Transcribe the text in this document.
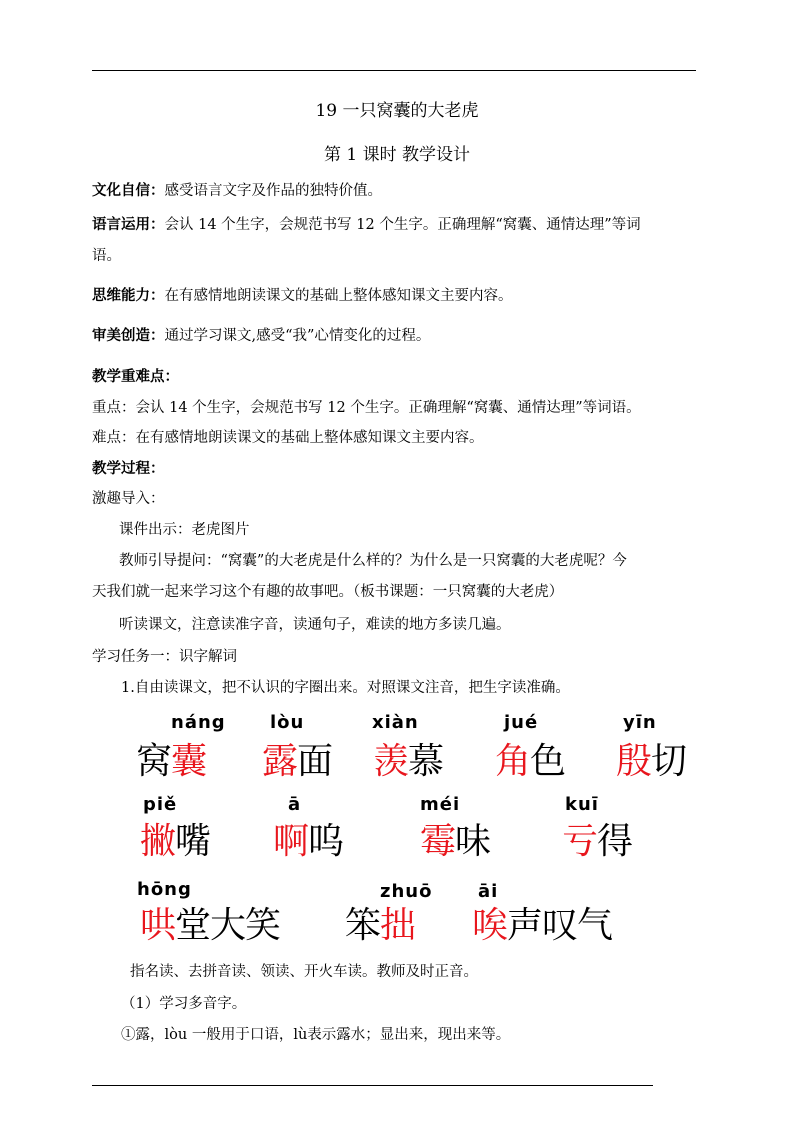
19 一只窝囊的大老虎
第 1 课时 教学设计
文化自信：感受语言文字及作品的独特价值。
语言运用：会认 14 个生字，会规范书写 12 个生字。正确理解“窝囊、通情达理”等词
语。
思维能力：在有感情地朗读课文的基础上整体感知课文主要内容。
审美创造：通过学习课文,感受“我”心情变化的过程。
教学重难点：
重点：会认 14 个生字，会规范书写 12 个生字。正确理解“窝囊、通情达理”等词语。
难点：在有感情地朗读课文的基础上整体感知课文主要内容。
教学过程：
激趣导入：
课件出示：老虎图片
教师引导提问：“窝囊”的大老虎是什么样的？为什么是一只窝囊的大老虎呢？今
天我们就一起来学习这个有趣的故事吧。（板书课题：一只窝囊的大老虎）
听读课文，注意读准字音，读通句子，难读的地方多读几遍。
学习任务一：识字解词
1.自由读课文，把不认识的字圈出来。对照课文注音，把生字读准确。
náng
窝囊
lòu
露面
xiàn
羡慕
jué
角色
yīn
殷切
piě
撇嘴
ā
啊呜
méi
霉味
kuī
亏得
hōng
哄堂大笑
zhuō
笨拙
āi
唉声叹气
指名读、去拼音读、领读、开火车读。教师及时正音。
（1）学习多音字。
①露，lòu 一般用于口语，lù表示露水；显出来，现出来等。
